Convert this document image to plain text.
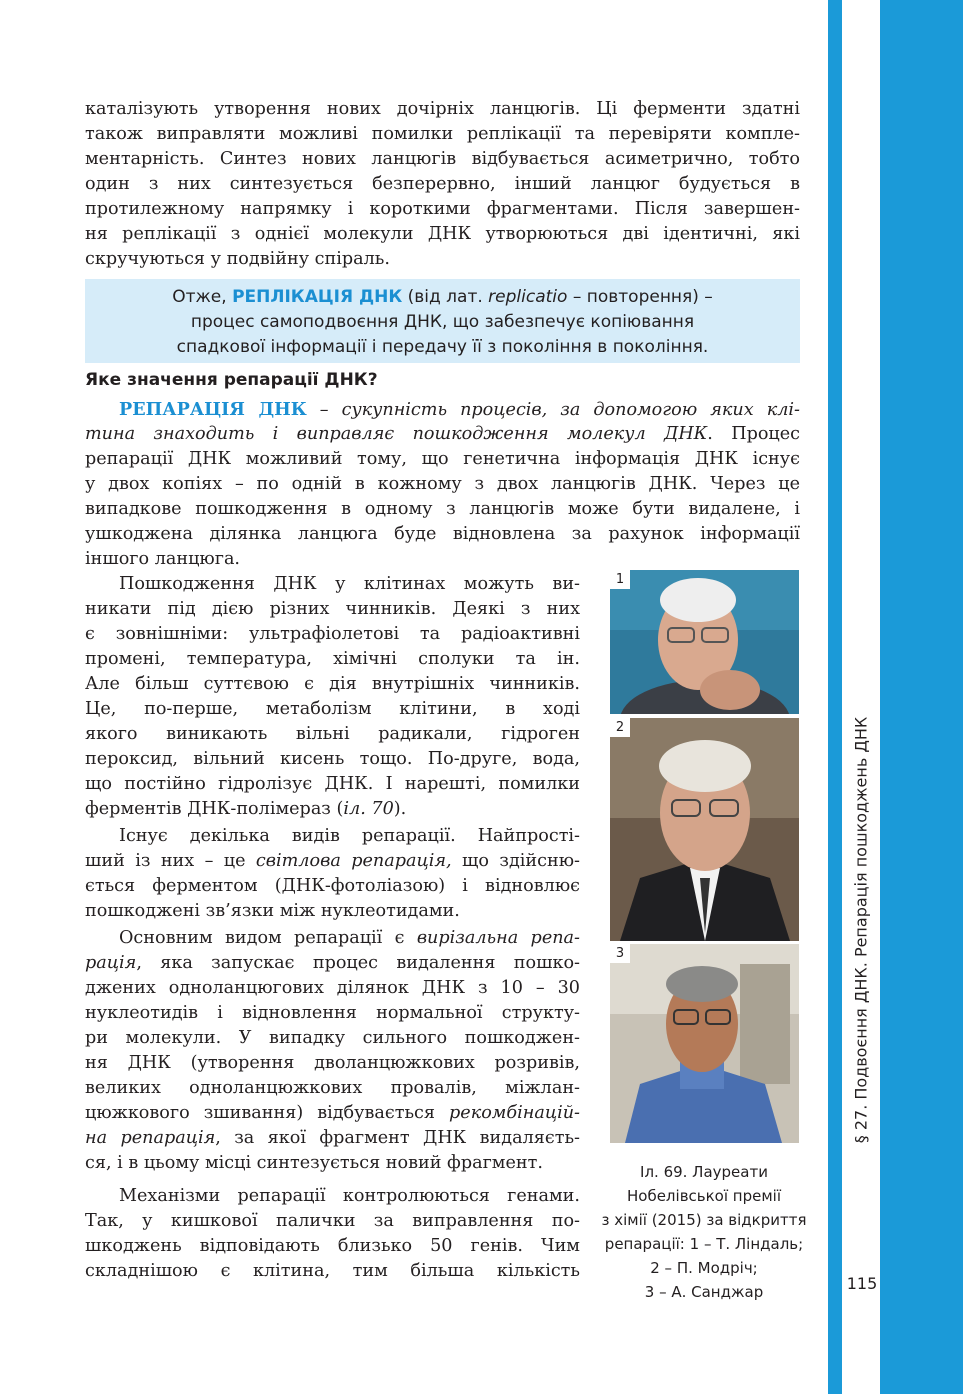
§ 27. Подвоєння ДНК. Репарація пошкоджень ДНК
115
каталізують утворення нових дочірніх ланцюгів. Ці ферменти здатні
також виправляти можливі помилки реплікації та перевіряти компле-
ментарність. Синтез нових ланцюгів відбувається асиметрично, тобто
один з них синтезується безперервно, інший ланцюг будується в
протилежному напрямку і короткими фрагментами. Після завершен-
ня реплікації з однієї молекули ДНК утворюються дві ідентичні, які
скручуються у подвійну спіраль.
Отже, РЕПЛІКАЦІЯ ДНК (від лат. replicatio – повторення) –
процес самоподвоєння ДНК, що забезпечує копіювання
спадкової інформації і передачу її з покоління в покоління.
Яке значення репарації ДНК?
РЕПАРАЦІЯ ДНК – сукупність процесів, за допомогою яких клі-
тина знаходить і виправляє пошкодження молекул ДНК. Процес
репарації ДНК можливий тому, що генетична інформація ДНК існує
у двох копіях – по одній в кожному з двох ланцюгів ДНК. Через це
випадкове пошкодження в одному з ланцюгів може бути видалене, і
ушкоджена ділянка ланцюга буде відновлена за рахунок інформації
іншого ланцюга.
Пошкодження ДНК у клітинах можуть ви-
никати під дією різних чинників. Деякі з них
є зовнішніми: ультрафіолетові та радіоактивні
промені, температура, хімічні сполуки та ін.
Але більш суттєвою є дія внутрішніх чинників.
Це, по-перше, метаболізм клітини, в ході
якого виникають вільні радикали, гідроген
пероксид, вільний кисень тощо. По-друге, вода,
що постійно гідролізує ДНК. І нарешті, помилки
ферментів ДНК-полімераз (іл. 70).
Існує декілька видів репарації. Найпрості-
ший із них – це світлова репарація, що здійсню-
ється ферментом (ДНК-фотоліазою) і відновлює
пошкоджені зв’язки між нуклеотидами.
Основним видом репарації є вирізальна репа-
рація, яка запускає процес видалення пошко-
джених одноланцюгових ділянок ДНК з 10 – 30
нуклеотидів і відновлення нормальної структу-
ри молекули. У випадку сильного пошкоджен-
ня ДНК (утворення дволанцюжкових розривів,
великих одноланцюжкових провалів, міжлан-
цюжкового зшивання) відбувається рекомбінацій-
на репарація, за якої фрагмент ДНК видаляєть-
ся, і в цьому місці синтезується новий фрагмент.
Механізми репарації контролюються генами.
Так, у кишкової палички за виправлення по-
шкоджень відповідають близько 50 генів. Чим
складнішою є клітина, тим більша кількість
1
2
3
Іл. 69. Лауреати
Нобелівської премії
з хімії (2015) за відкриття
репарації: 1 – Т. Ліндаль;
2 – П. Модріч;
3 – А. Санджар
